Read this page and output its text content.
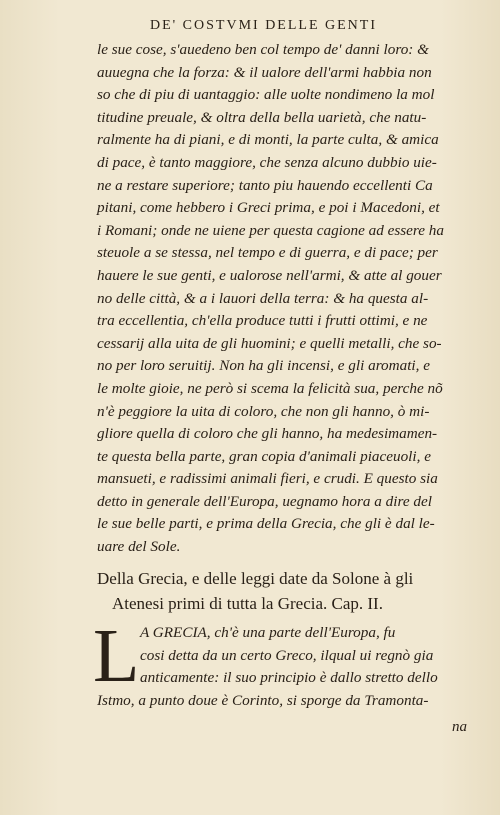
DE' COSTVMI DELLE GENTI
le sue cose, s'auedeno ben col tempo de' danni loro: &
auuegna che la forza: & il ualore dell'armi habbia non
so che di piu di uantaggio: alle uolte nondimeno la mol
titudine preuale, & oltra della bella uarietà, che natu-
ralmente ha di piani, e di monti, la parte culta, & amica
di pace, è tanto maggiore, che senza alcuno dubbio uie-
ne a restare superiore; tanto piu hauendo eccellenti Ca
pitani, come hebbero i Greci prima, e poi i Macedoni, et
i Romani; onde ne uiene per questa cagione ad essere ha
steuole a se stessa, nel tempo e di guerra, e di pace; per
hauere le sue genti, e ualorose nell'armi, & atte al gouer
no delle città, & a i lauori della terra: & ha questa al-
tra eccellentia, ch'ella produce tutti i frutti ottimi, e ne
cessarij alla uita de gli huomini; e quelli metalli, che so-
no per loro seruitij. Non ha gli incensi, e gli aromati, e
le molte gioie, ne però si scema la felicità sua, perche nõ
n'è peggiore la uita di coloro, che non gli hanno, ò mi-
gliore quella di coloro che gli hanno, ha medesimamen-
te questa bella parte, gran copia d'animali piaceuoli, e
mansueti, e radissimi animali fieri, e crudi. E questo sia
detto in generale dell'Europa, uegnamo hora a dire del
le sue belle parti, e prima della Grecia, che gli è dal le-
uare del Sole.
Della Grecia, e delle leggi date da Solone à gli
Atenesi primi di tutta la Grecia. Cap. II.
L A GRECIA, ch'è una parte dell'Europa, fu
cosi detta da un certo Greco, ilqual ui regnò gia
anticamente: il suo principio è dallo stretto dello
Istmo, a punto doue è Corinto, si sporge da Tramonta-
na
